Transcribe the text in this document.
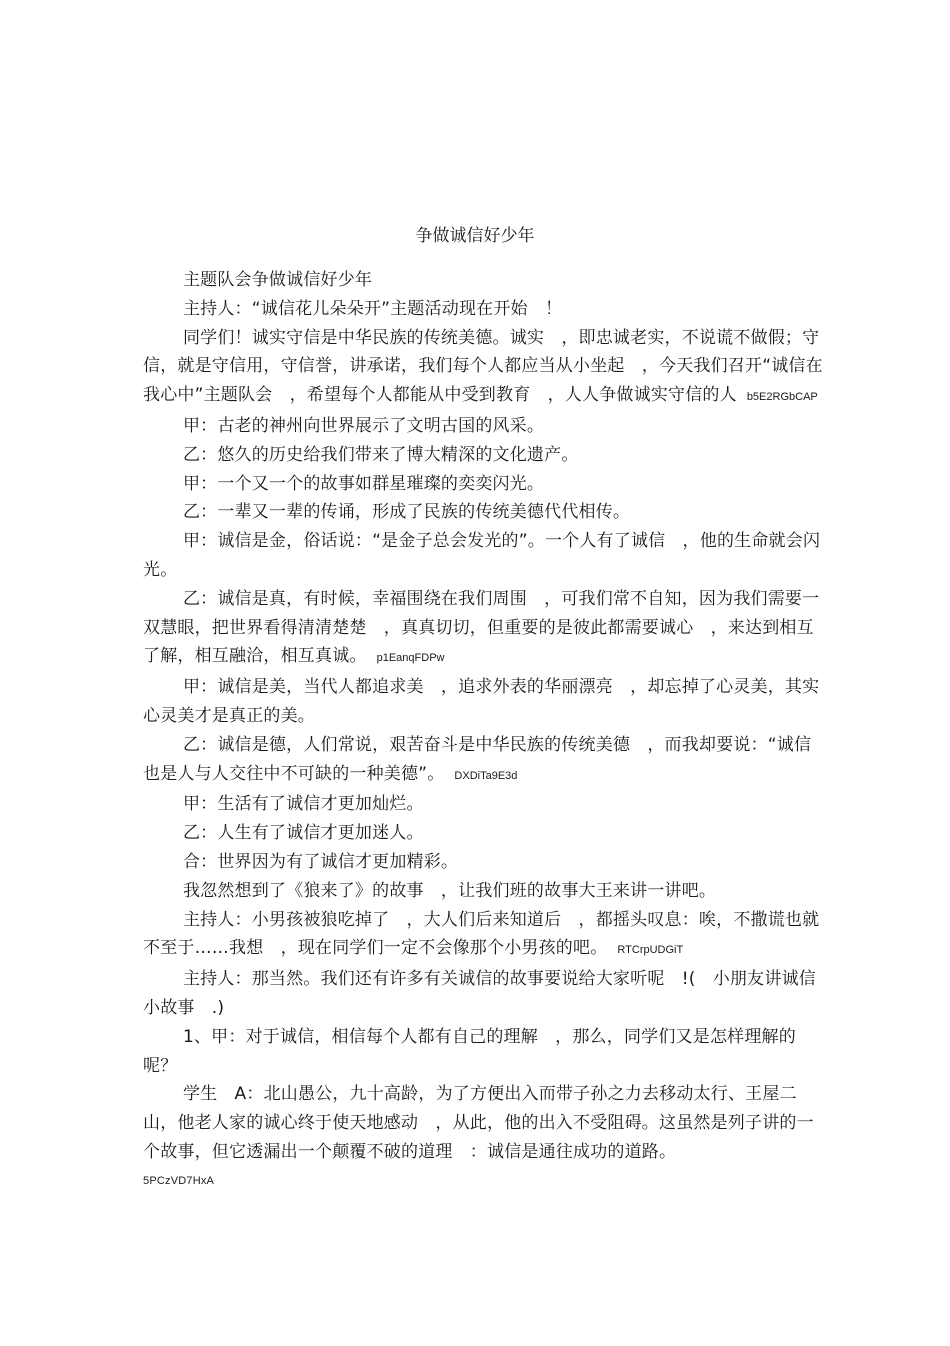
争做诚信好少年

主题队会争做诚信好少年

主持人：“诚信花儿朵朵开”主题活动现在开始　！

同学们！诚实守信是中华民族的传统美德。诚实　，即忠诚老实，不说谎不做假；守信，就是守信用，守信誉，讲承诺，我们每个人都应当从小坐起　，今天我们召开“诚信在我心中”主题队会　，希望每个人都能从中受到教育　，人人争做诚实守信的人 b5E2RGbCAP

甲：古老的神州向世界展示了文明古国的风采。

乙：悠久的历史给我们带来了博大精深的文化遗产。

甲：一个又一个的故事如群星璀璨的奕奕闪光。

乙：一辈又一辈的传诵，形成了民族的传统美德代代相传。

甲：诚信是金，俗话说：“是金子总会发光的”。一个人有了诚信　，他的生命就会闪光。

乙：诚信是真，有时候，幸福围绕在我们周围　，可我们常不自知，因为我们需要一双慧眼，把世界看得清清楚楚　，真真切切，但重要的是彼此都需要诚心　，来达到相互了解，相互融洽，相互真诚。 p1EanqFDPw

甲：诚信是美，当代人都追求美　，追求外表的华丽漂亮　，却忘掉了心灵美，其实心灵美才是真正的美。

乙：诚信是德，人们常说，艰苦奋斗是中华民族的传统美德　，而我却要说：“诚信也是人与人交往中不可缺的一种美德”。 DXDiTa9E3d

甲：生活有了诚信才更加灿烂。

乙：人生有了诚信才更加迷人。

合：世界因为有了诚信才更加精彩。

我忽然想到了《狼来了》的故事　，让我们班的故事大王来讲一讲吧。

主持人：小男孩被狼吃掉了　，大人们后来知道后　，都摇头叹息：唉，不撒谎也就不至于……我想　，现在同学们一定不会像那个小男孩的吧。 RTCrpUDGiT

主持人：那当然。我们还有许多有关诚信的故事要说给大家听呢　!(　小朋友讲诚信小故事　.)

1、甲：对于诚信，相信每个人都有自己的理解　，那么，同学们又是怎样理解的呢？

学生　A：北山愚公，九十高龄，为了方便出入而带子孙之力去移动太行、王屋二山，他老人家的诚心终于使天地感动　，从此，他的出入不受阻碍。这虽然是列子讲的一个故事，但它透漏出一个颠覆不破的道理　：诚信是通往成功的道路。

5PCzVD7HxA
